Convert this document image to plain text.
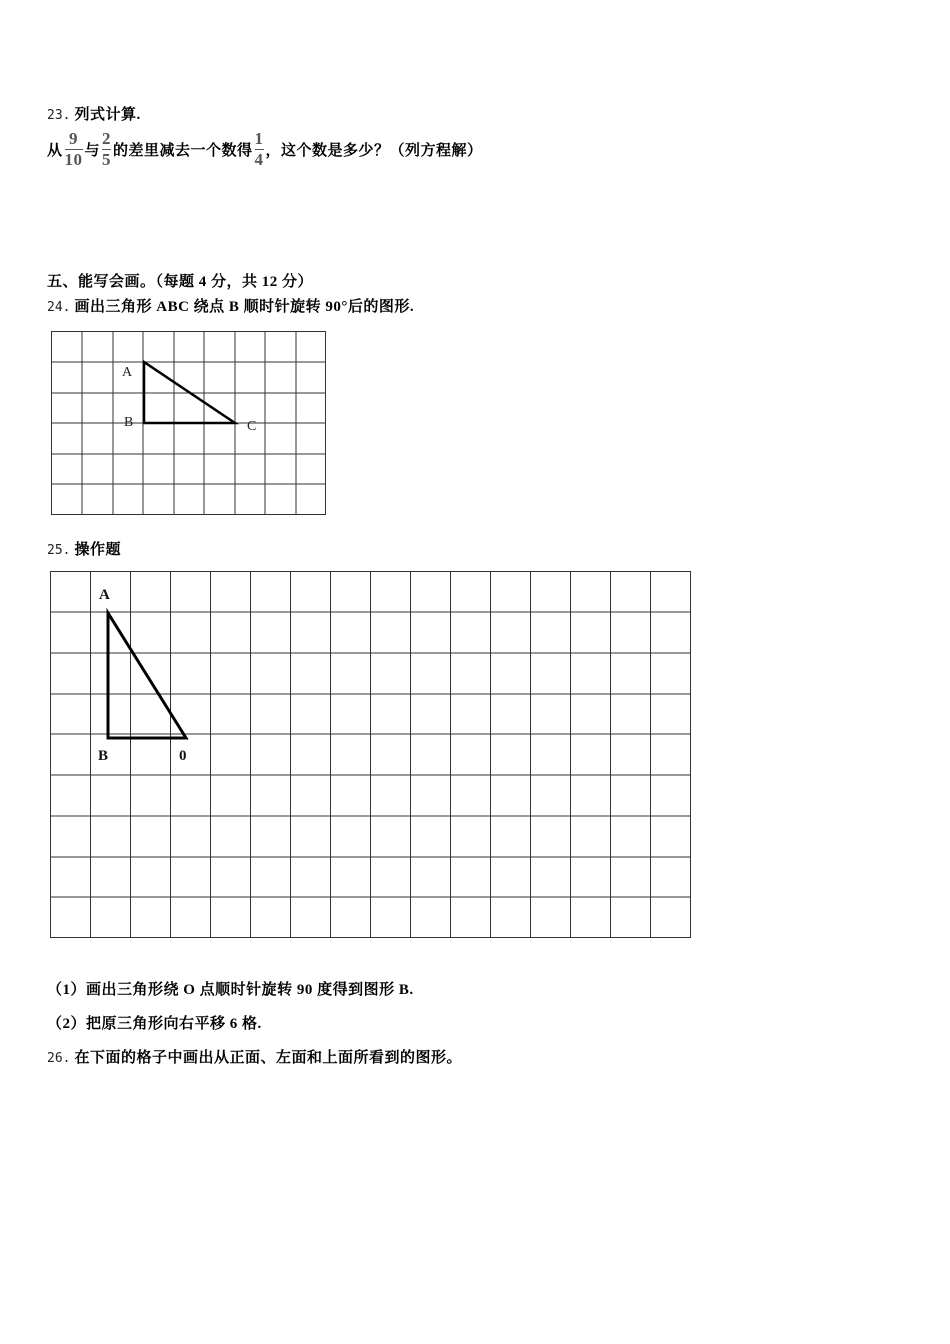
23. 列式计算.
从 $\frac{9}{10}$ 与 $\frac{2}{5}$ 的差里减去一个数得 $\frac{1}{4}$ ，这个数是多少？（列方程解）
五、能写会画。（每题 4 分，共 12 分）
24. 画出三角形 ABC 绕点 B 顺时针旋转 90°后的图形.
A
B	C
25. 操作题
A
B	0
（1）画出三角形绕 O 点顺时针旋转 90 度得到图形 B.
（2）把原三角形向右平移 6 格.
26. 在下面的格子中画出从正面、左面和上面所看到的图形。
